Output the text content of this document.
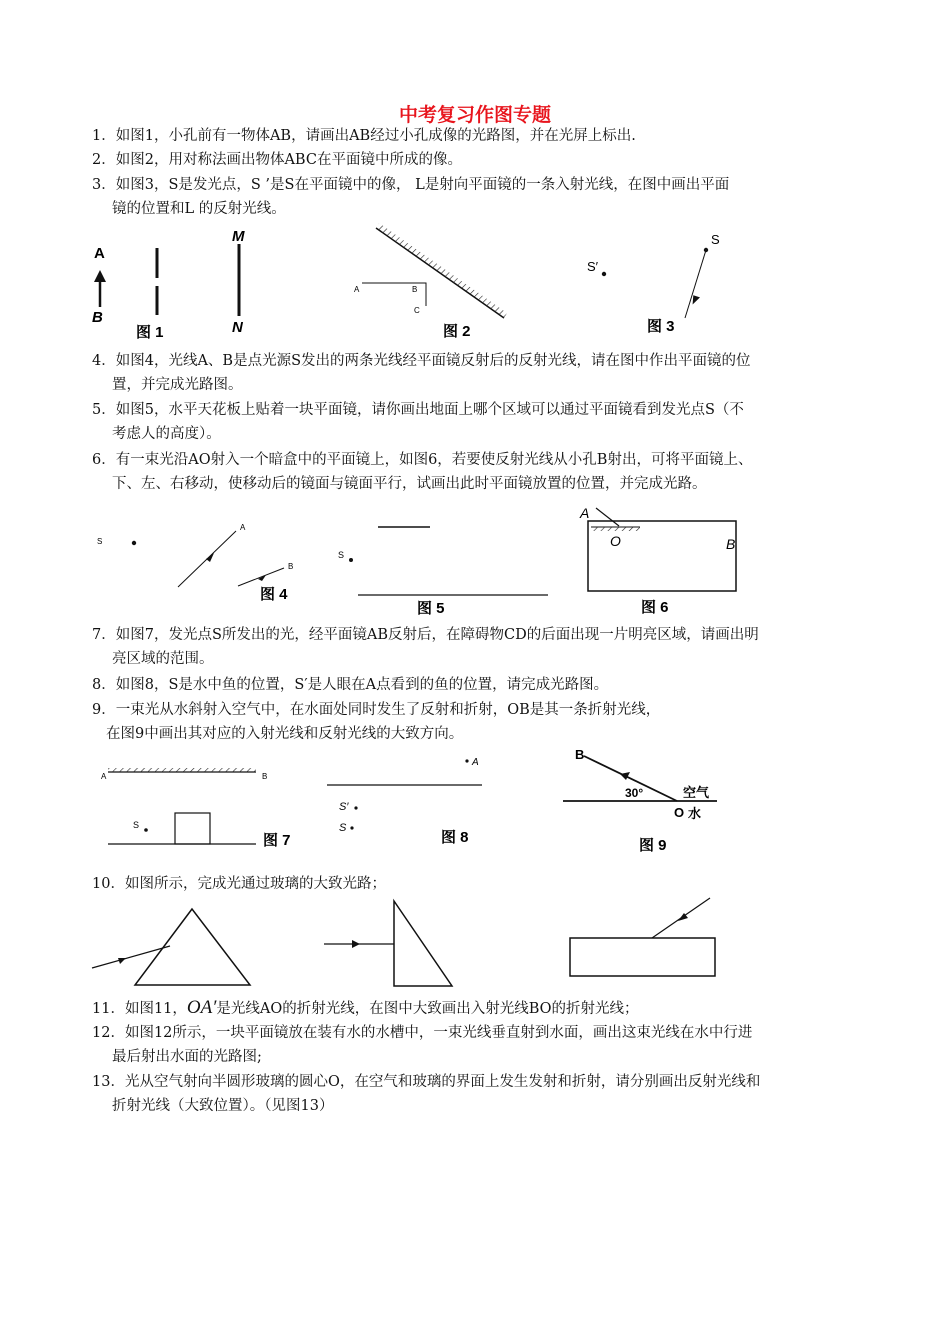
中考复习作图专题
1．如图1，小孔前有一物体AB，请画出AB经过小孔成像的光路图，并在光屏上标出.
2．如图2，用对称法画出物体ABC在平面镜中所成的像。
3．如图3，S是发光点，S ’是S在平面镜中的像， L是射向平面镜的一条入射光线，在图中画出平面
镜的位置和L 的反射光线。
4．如图4，光线A、B是点光源S发出的两条光线经平面镜反射后的反射光线，请在图中作出平面镜的位
置，并完成光路图。
5．如图5，水平天花板上贴着一块平面镜，请你画出地面上哪个区域可以通过平面镜看到发光点S（不
考虑人的高度）。
6．有一束光沿AO射入一个暗盒中的平面镜上，如图6，若要使反射光线从小孔B射出，可将平面镜上、
下、左、右移动，使移动后的镜面与镜面平行，试画出此时平面镜放置的位置，并完成光路。
7．如图7，发光点S所发出的光，经平面镜AB反射后，在障碍物CD的后面出现一片明亮区域，请画出明
亮区域的范围。
8．如图8，S是水中鱼的位置，S′是人眼在A点看到的鱼的位置，请完成光路图。
9．一束光从水斜射入空气中，在水面处同时发生了反射和折射，OB是其一条折射光线，
在图9中画出其对应的入射光线和反射光线的大致方向。
10．如图所示，完成光通过玻璃的大致光路；
11．如图11，OA′是光线AO的折射光线，在图中大致画出入射光线BO的折射光线；
12．如图12所示，一块平面镜放在装有水的水槽中，一束光线垂直射到水面，画出这束光线在水中行进
最后射出水面的光路图;
13．光从空气射向半圆形玻璃的圆心O，在空气和玻璃的界面上发生发射和折射，请分别画出反射光线和
折射光线（大致位置）。（见图13）
A
B
M
N
图 1
A	B
C
图 2
S′
S
图 3
S
A
B
图 4
S
图 5
A
O	B
图 6
A	B
S
图 7
A
S′
S
图 8
B
30°
O
空气
水
图 9
